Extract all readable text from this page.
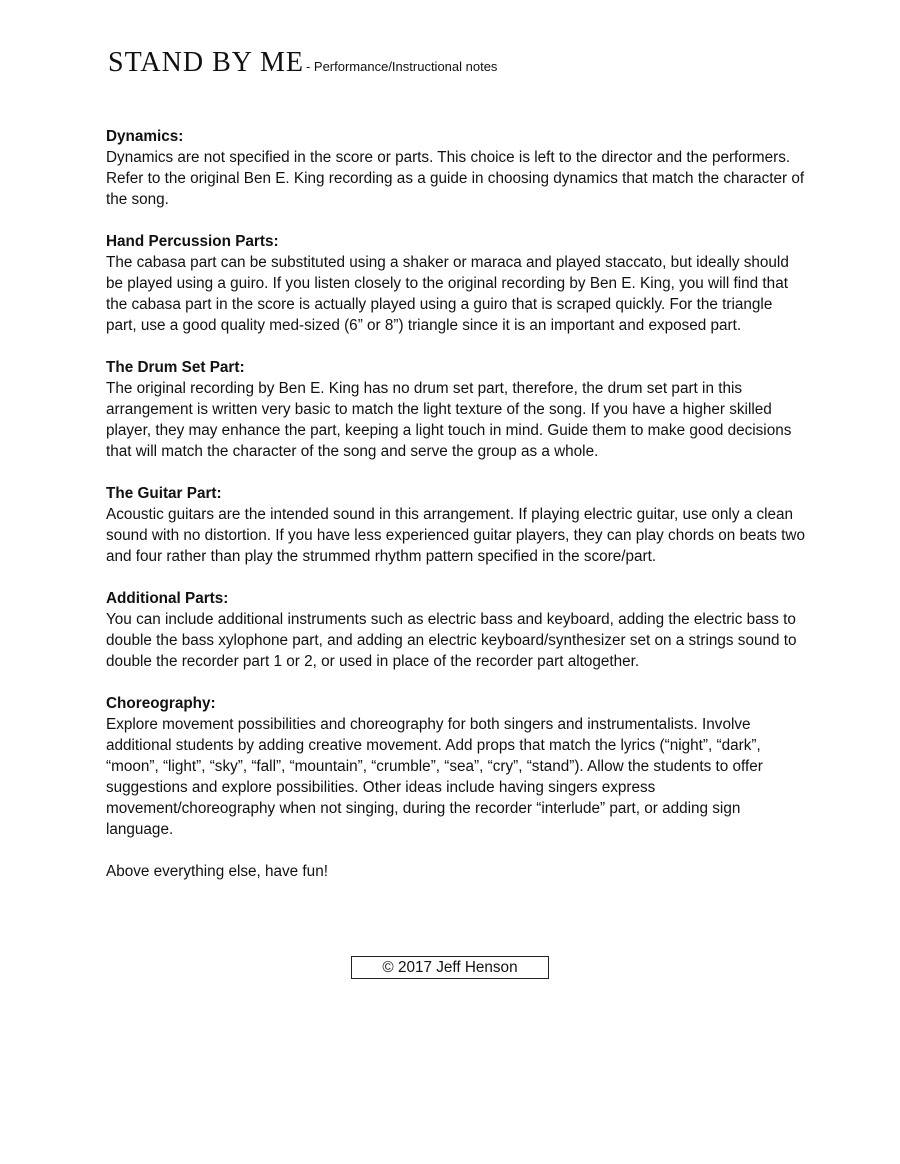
STAND BY ME - Performance/Instructional notes
Dynamics:
Dynamics are not specified in the score or parts. This choice is left to the director and the performers. Refer to the original Ben E. King recording as a guide in choosing dynamics that match the character of the song.
Hand Percussion Parts:
The cabasa part can be substituted using a shaker or maraca and played staccato, but ideally should be played using a guiro. If you listen closely to the original recording by Ben E. King, you will find that the cabasa part in the score is actually played using a guiro that is scraped quickly. For the triangle part, use a good quality med-sized (6” or 8”) triangle since it is an important and exposed part.
The Drum Set Part:
The original recording by Ben E. King has no drum set part, therefore, the drum set part in this arrangement is written very basic to match the light texture of the song. If you have a higher skilled player, they may enhance the part, keeping a light touch in mind. Guide them to make good decisions that will match the character of the song and serve the group as a whole.
The Guitar Part:
Acoustic guitars are the intended sound in this arrangement. If playing electric guitar, use only a clean sound with no distortion. If you have less experienced guitar players, they can play chords on beats two and four rather than play the strummed rhythm pattern specified in the score/part.
Additional Parts:
You can include additional instruments such as electric bass and keyboard, adding the electric bass to double the bass xylophone part, and adding an electric keyboard/synthesizer set on a strings sound to double the recorder part 1 or 2, or used in place of the recorder part altogether.
Choreography:
Explore movement possibilities and choreography for both singers and instrumentalists. Involve additional students by adding creative movement. Add props that match the lyrics (“night”, “dark”, “moon”, “light”, “sky”, “fall”, “mountain”, “crumble”, “sea”, “cry”, “stand”). Allow the students to offer suggestions and explore possibilities. Other ideas include having singers express movement/choreography when not singing, during the recorder “interlude” part, or adding sign language.

Above everything else, have fun!

© 2017 Jeff Henson
